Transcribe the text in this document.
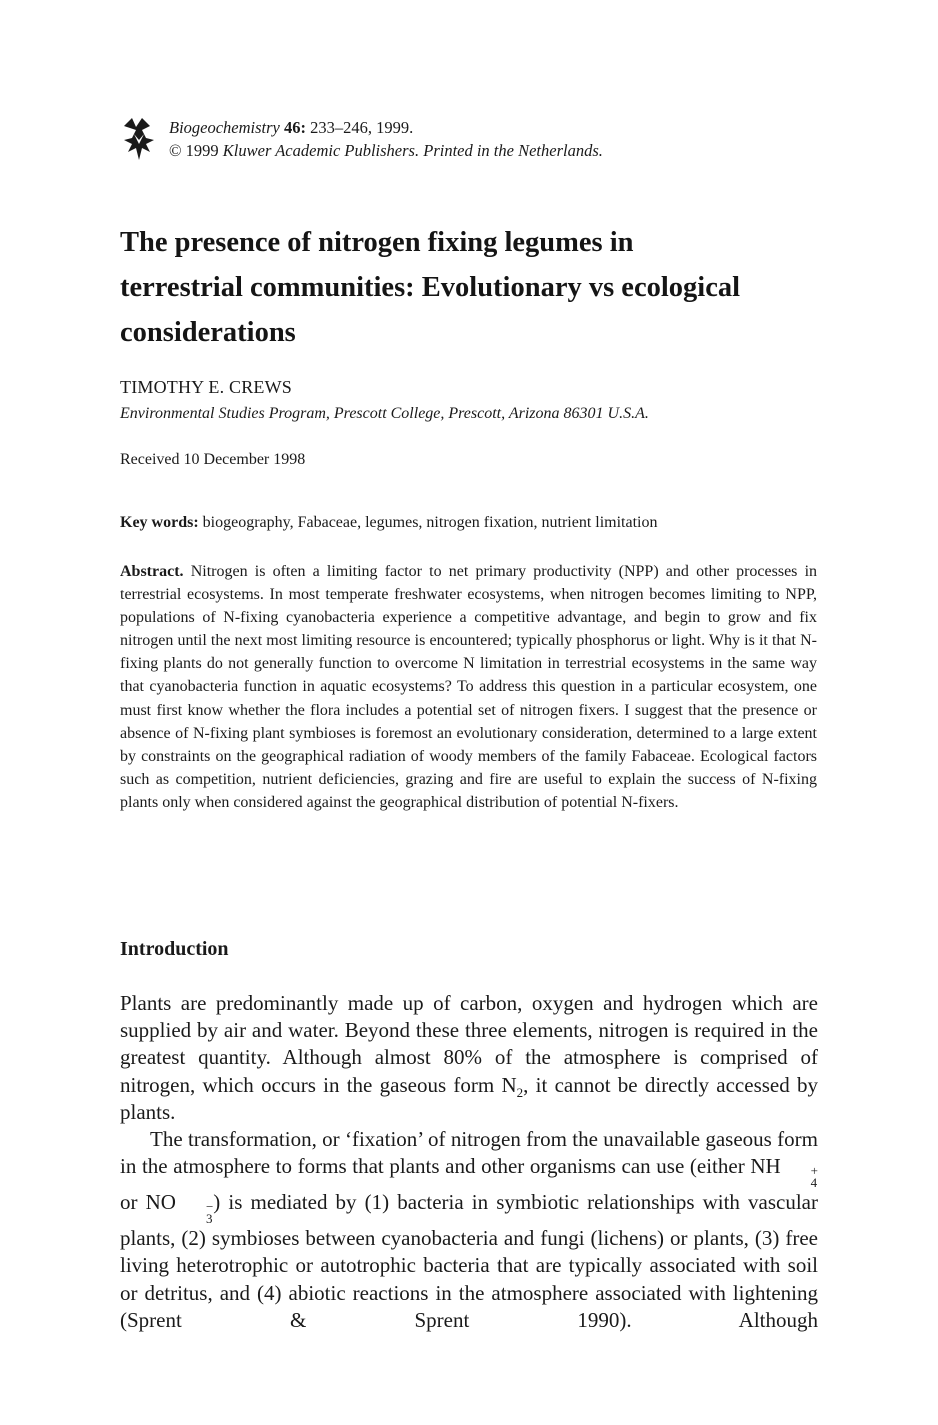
Biogeochemistry 46: 233–246, 1999.
© 1999 Kluwer Academic Publishers. Printed in the Netherlands.
The presence of nitrogen fixing legumes in terrestrial communities: Evolutionary vs ecological considerations
TIMOTHY E. CREWS
Environmental Studies Program, Prescott College, Prescott, Arizona 86301 U.S.A.
Received 10 December 1998
Key words: biogeography, Fabaceae, legumes, nitrogen fixation, nutrient limitation

Abstract. Nitrogen is often a limiting factor to net primary productivity (NPP) and other processes in terrestrial ecosystems. In most temperate freshwater ecosystems, when nitrogen becomes limiting to NPP, populations of N-fixing cyanobacteria experience a competitive advantage, and begin to grow and fix nitrogen until the next most limiting resource is encountered; typically phosphorus or light. Why is it that N-fixing plants do not generally function to overcome N limitation in terrestrial ecosystems in the same way that cyanobacteria function in aquatic ecosystems? To address this question in a particular ecosystem, one must first know whether the flora includes a potential set of nitrogen fixers. I suggest that the presence or absence of N-fixing plant symbioses is foremost an evolutionary consideration, determined to a large extent by constraints on the geographical radiation of woody members of the family Fabaceae. Ecological factors such as competition, nutrient deficiencies, grazing and fire are useful to explain the success of N-fixing plants only when considered against the geographical distribution of potential N-fixers.

Introduction

Plants are predominantly made up of carbon, oxygen and hydrogen which are supplied by air and water. Beyond these three elements, nitrogen is required in the greatest quantity. Although almost 80% of the atmosphere is comprised of nitrogen, which occurs in the gaseous form $N_2$, it cannot be directly accessed by plants.

The transformation, or ‘fixation’ of nitrogen from the unavailable gaseous form in the atmosphere to forms that plants and other organisms can use (either NH	+
4
or NO	−
3
) is mediated by (1) bacteria in symbiotic relationships with vascular plants, (2) symbioses between cyanobacteria and fungi (lichens) or plants, (3) free living heterotrophic or autotrophic bacteria that are typically associated with soil or detritus, and (4) abiotic reactions in the atmosphere associated with lightening (Sprent & Sprent 1990). Although
